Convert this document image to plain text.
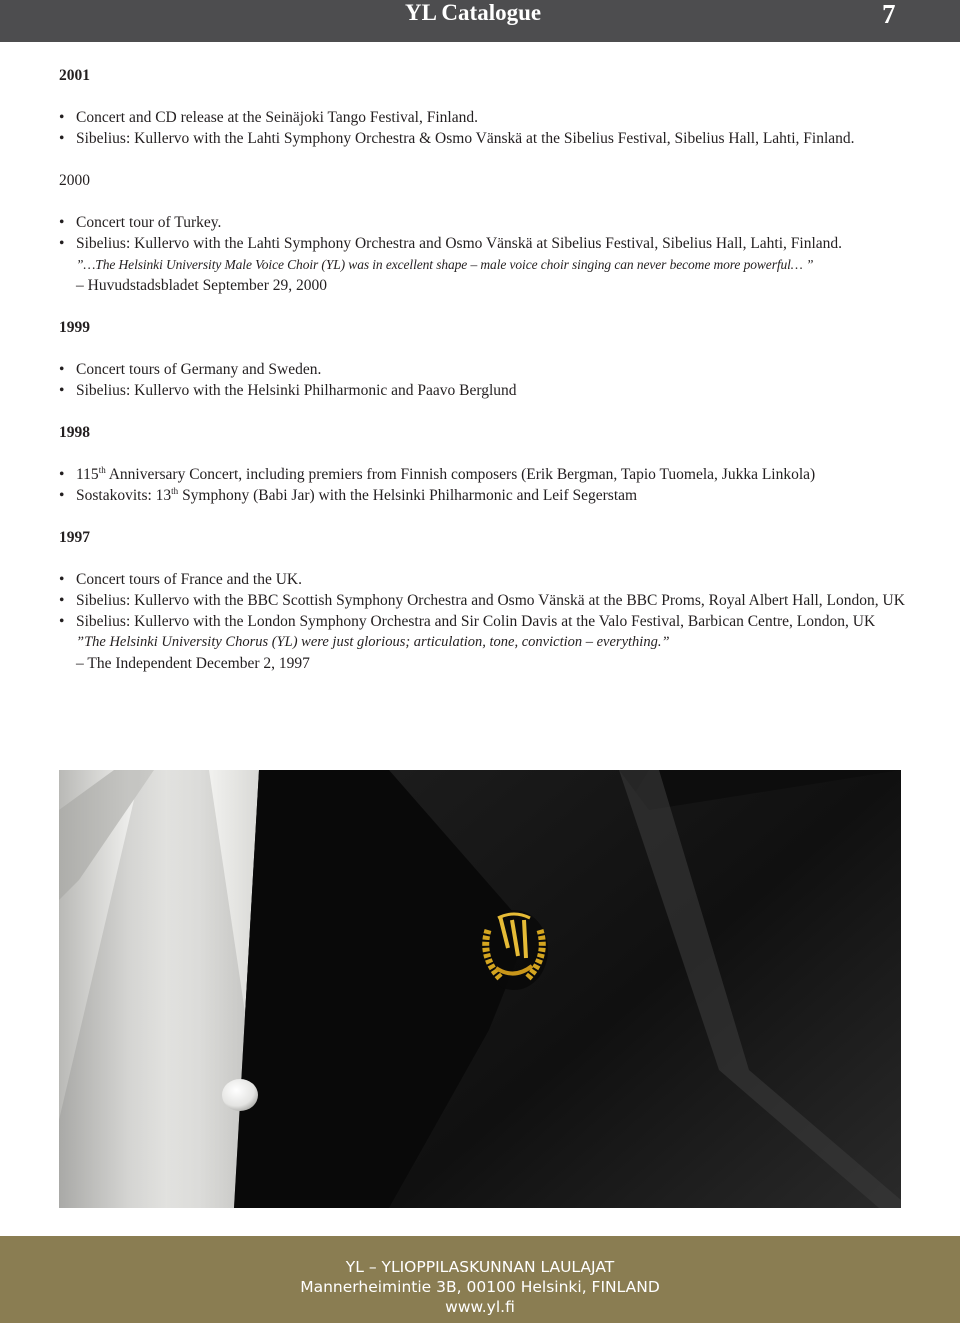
YL Catalogue	7
2001
• Concert and CD release at the Seinäjoki Tango Festival, Finland.
• Sibelius: Kullervo with the Lahti Symphony Orchestra & Osmo Vänskä at the Sibelius Festival, Sibelius Hall, Lahti, Finland.
2000
• Concert tour of Turkey.
• Sibelius: Kullervo with the Lahti Symphony Orchestra and Osmo Vänskä at Sibelius Festival, Sibelius Hall, Lahti, Finland.
”…The Helsinki University Male Voice Choir (YL) was in excellent shape – male voice choir singing can never become more powerful… ”
– Huvudstadsbladet September 29, 2000
1999
• Concert tours of Germany and Sweden.
• Sibelius: Kullervo with the Helsinki Philharmonic and Paavo Berglund
1998
• 115th Anniversary Concert, including premiers from Finnish composers (Erik Bergman, Tapio Tuomela, Jukka Linkola)
• Sostakovits: 13th Symphony (Babi Jar) with the Helsinki Philharmonic and Leif Segerstam
1997
• Concert tours of France and the UK.
• Sibelius: Kullervo with the BBC Scottish Symphony Orchestra and Osmo Vänskä at the BBC Proms, Royal Albert Hall, London, UK
• Sibelius: Kullervo with the London Symphony Orchestra and Sir Colin Davis at the Valo Festival, Barbican Centre, London, UK
”The Helsinki University Chorus (YL) were just glorious; articulation, tone, conviction – everything.”
– The Independent December 2, 1997
YL – YLIOPPILASKUNNAN LAULAJAT
Mannerheimintie 3B, 00100 Helsinki, FINLAND
www.yl.fi
